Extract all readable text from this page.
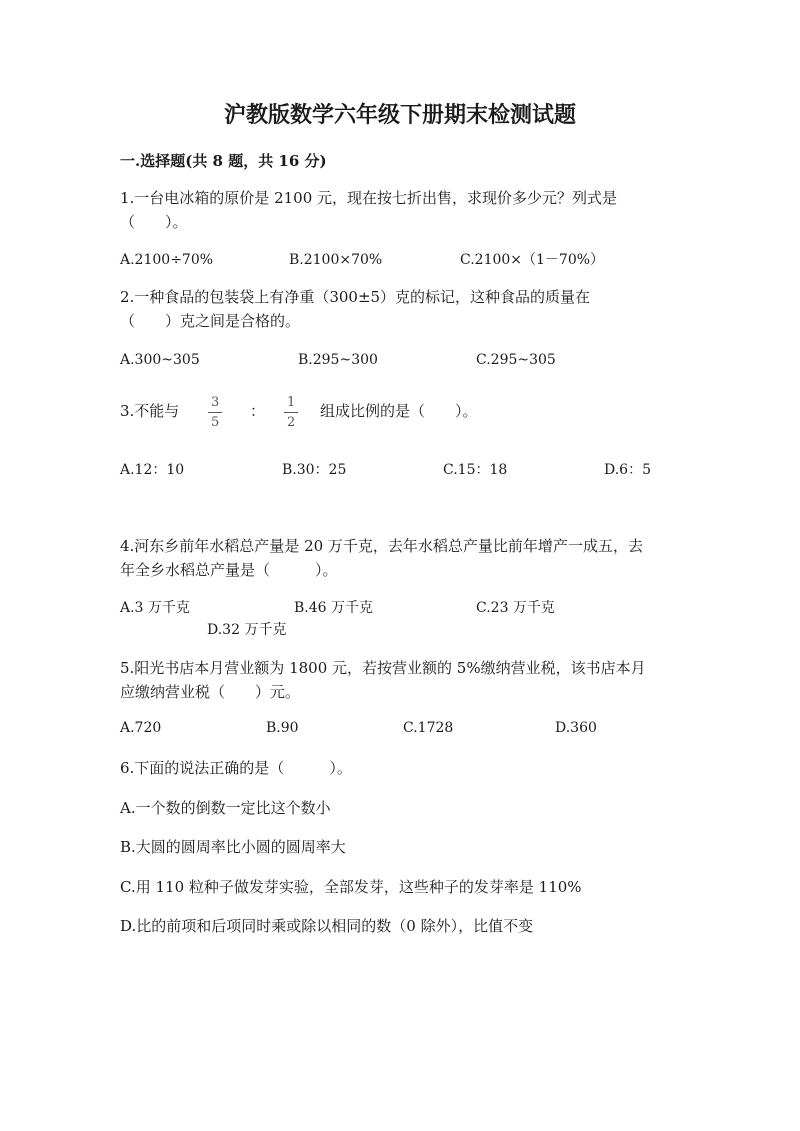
沪教版数学六年级下册期末检测试题
一.选择题(共 8 题，共 16 分)
1.一台电冰箱的原价是 2100 元，现在按七折出售，求现价多少元？列式是
（　　）。
A.2100÷70%	B.2100×70%	C.2100×（1－70%）
2.一种食品的包装袋上有净重（300±5）克的标记，这种食品的质量在
（　　）克之间是合格的。
A.300~305	B.295~300	C.295~305
3.不能与 $\frac{3}{5}$ ： $\frac{1}{2}$ 组成比例的是（　　）。
A.12：10	B.30：25	C.15：18	D.6：5
4.河东乡前年水稻总产量是 20 万千克，去年水稻总产量比前年增产一成五，去
年全乡水稻总产量是（　　　）。
A.3 万千克	B.46 万千克	C.23 万千克
D.32 万千克
5.阳光书店本月营业额为 1800 元，若按营业额的 5%缴纳营业税，该书店本月
应缴纳营业税（　　）元。
A.720	B.90	C.1728	D.360
6.下面的说法正确的是（　　　）。
A.一个数的倒数一定比这个数小
B.大圆的圆周率比小圆的圆周率大
C.用 110 粒种子做发芽实验，全部发芽，这些种子的发芽率是 110%
D.比的前项和后项同时乘或除以相同的数（0 除外），比值不变
